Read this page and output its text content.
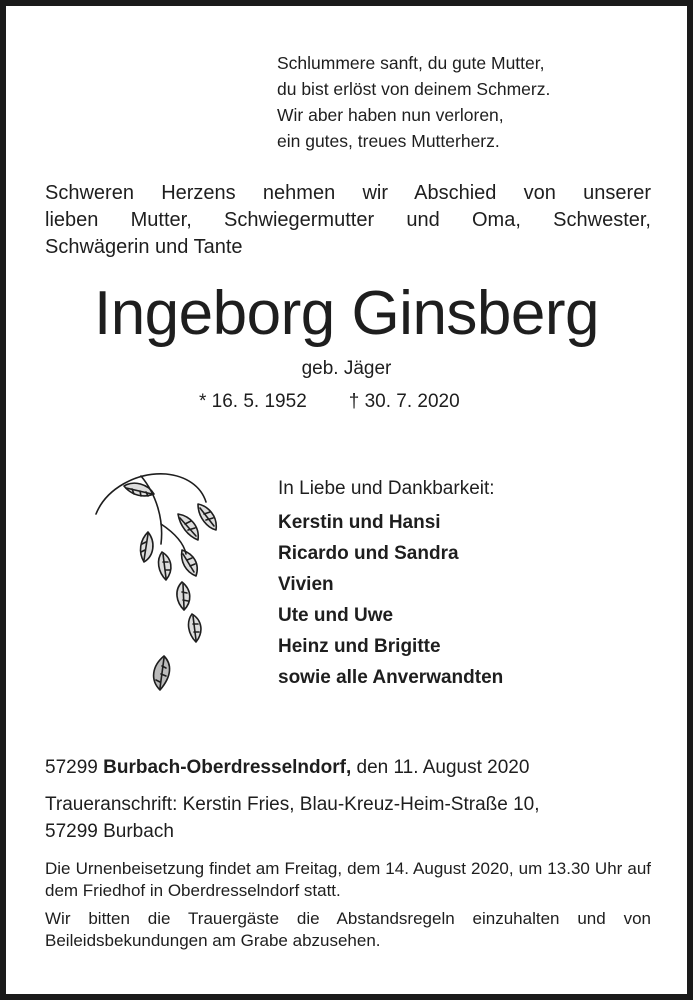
Schlummere sanft, du gute Mutter,
du bist erlöst von deinem Schmerz.
Wir aber haben nun verloren,
ein gutes, treues Mutterherz.
Schweren Herzens nehmen wir Abschied von unserer
lieben Mutter, Schwiegermutter und Oma, Schwester,
Schwägerin und Tante
Ingeborg Ginsberg
geb. Jäger
* 16. 5. 1952 † 30. 7. 2020
In Liebe und Dankbarkeit:
Kerstin und Hansi
Ricardo und Sandra
Vivien
Ute und Uwe
Heinz und Brigitte
sowie alle Anverwandten
57299 Burbach-Oberdresselndorf, den 11. August 2020
Traueranschrift: Kerstin Fries, Blau-Kreuz-Heim-Straße 10,
57299 Burbach

Die Urnenbeisetzung findet am Freitag, dem 14. August 2020, um 13.30 Uhr auf dem Friedhof in Oberdresselndorf statt.

Wir bitten die Trauergäste die Abstandsregeln einzuhalten und von Beileidsbekundungen am Grabe abzusehen.
